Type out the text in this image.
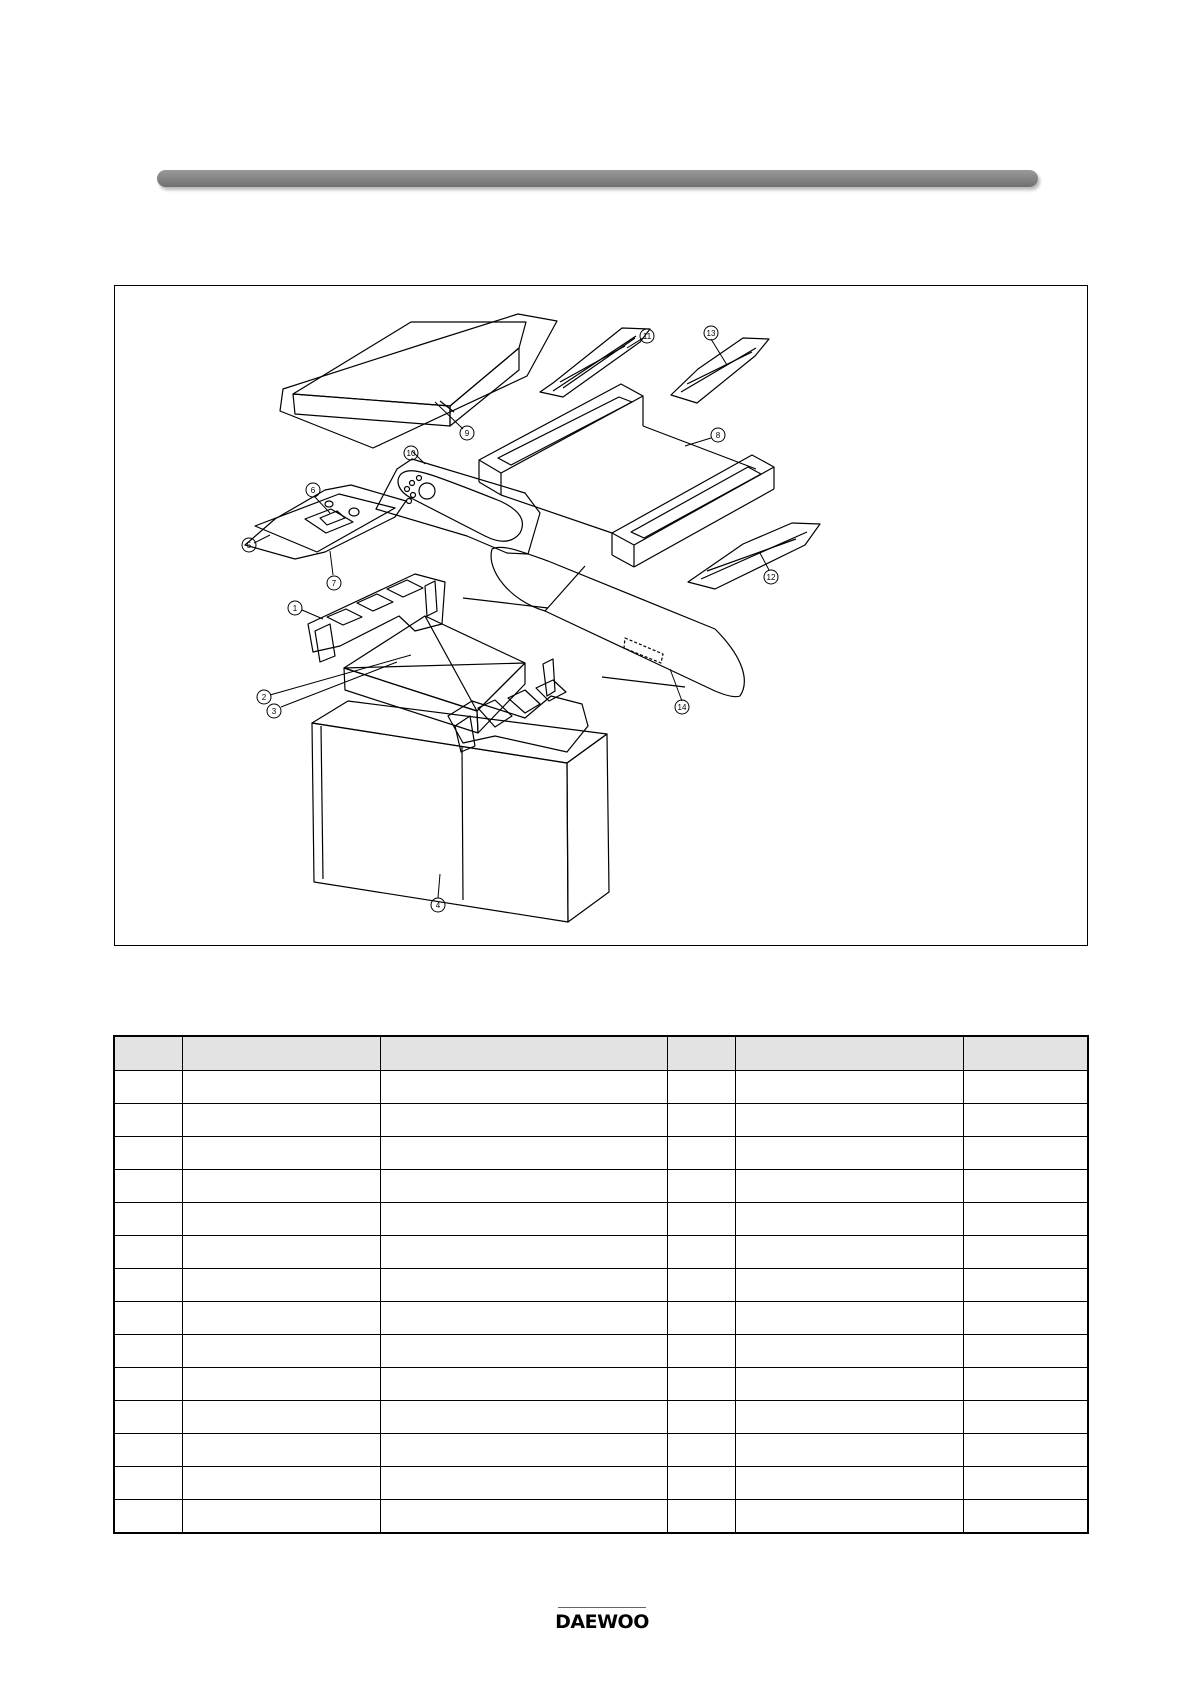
9
11	13
8
12
10
6
5
7
1
2
3
4
14

DAEWOO
